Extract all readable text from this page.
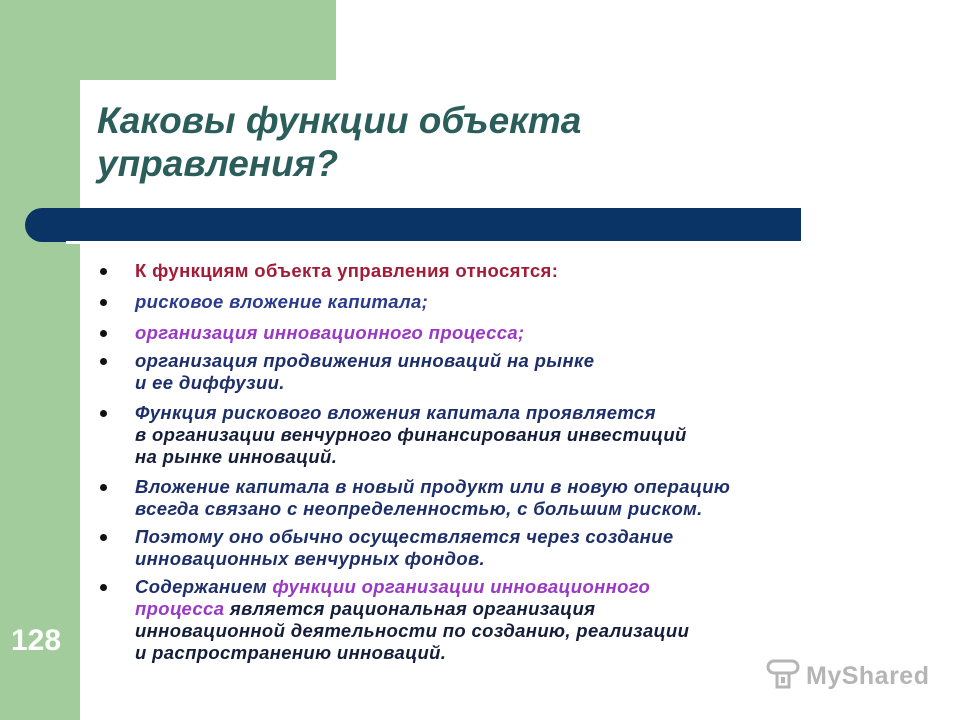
128
Каковы функции объекта управления?
К функциям объекта управления относятся:
рисковое вложение капитала;
организация инновационного процесса;
организация продвижения инноваций на рынке
и ее диффузии.
Функция рискового вложения капитала проявляется
в организации венчурного финансирования инвестиций
на рынке инноваций.
Вложение капитала в новый продукт или в новую операцию
всегда связано с неопределенностью, с большим риском.
Поэтому оно обычно осуществляется через создание
инновационных венчурных фондов.
Содержанием функции организации инновационного
процесса является рациональная организация
инновационной деятельности по созданию, реализации
и распространению инноваций.
MyShared
